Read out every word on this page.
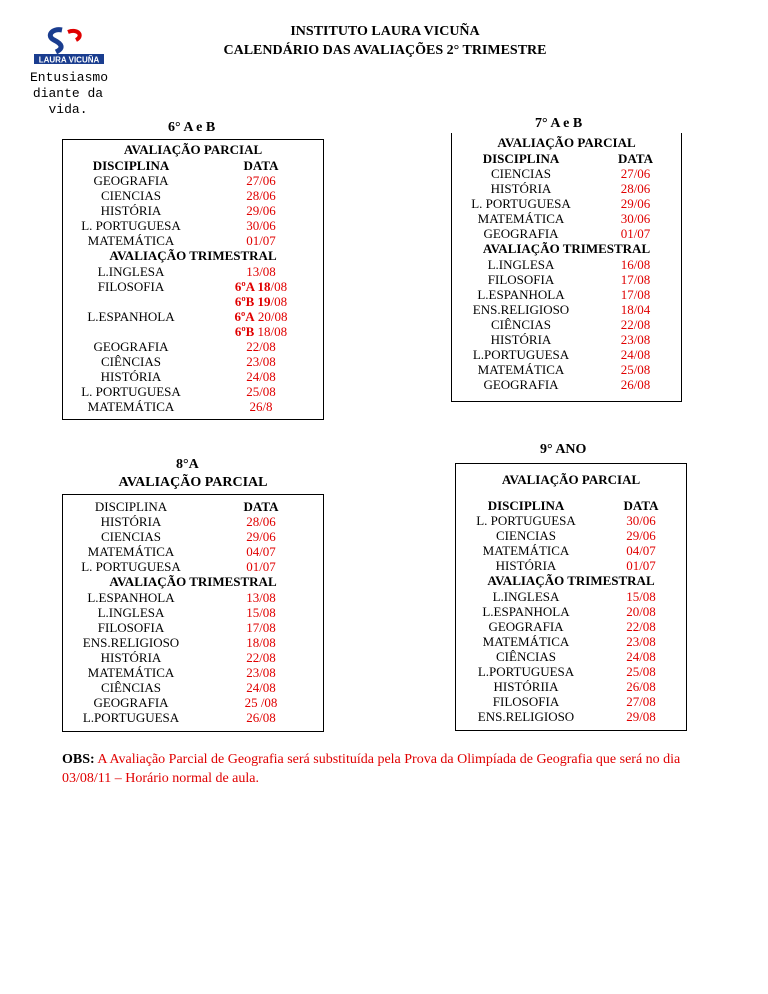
INSTITUTO LAURA VICUÑA
CALENDÁRIO DAS AVALIAÇÕES 2° TRIMESTRE
LAURA VICUÑA
Entusiasmo diante da vida.
6° A e B
AVALIAÇÃO PARCIAL
DISCIPLINA	DATA
GEOGRAFIA	27/06
CIENCIAS	28/06
HISTÓRIA	29/06
L. PORTUGUESA	30/06
MATEMÁTICA	01/07
AVALIAÇÃO TRIMESTRAL	
L.INGLESA	13/08
FILOSOFIA	6ºA 18/08
	6ºB 19/08
L.ESPANHOLA	6ºA 20/08
	6ºB 18/08
GEOGRAFIA	22/08
CIÊNCIAS	23/08
HISTÓRIA	24/08
L. PORTUGUESA	25/08
MATEMÁTICA	26/8
7° A e B
AVALIAÇÃO PARCIAL
DISCIPLINA	DATA
CIENCIAS	27/06
HISTÓRIA	28/06
L. PORTUGUESA	29/06
MATEMÁTICA	30/06
GEOGRAFIA	01/07
AVALIAÇÃO TRIMESTRAL	
L.INGLESA	16/08
FILOSOFIA	17/08
L.ESPANHOLA	17/08
ENS.RELIGIOSO	18/04
CIÊNCIAS	22/08
HISTÓRIA	23/08
L.PORTUGUESA	24/08
MATEMÁTICA	25/08
GEOGRAFIA	26/08
8°A
AVALIAÇÃO PARCIAL
DISCIPLINA	DATA
HISTÓRIA	28/06
CIENCIAS	29/06
MATEMÁTICA	04/07
L. PORTUGUESA	01/07
AVALIAÇÃO TRIMESTRAL	
L.ESPANHOLA	13/08
L.INGLESA	15/08
FILOSOFIA	17/08
ENS.RELIGIOSO	18/08
HISTÓRIA	22/08
MATEMÁTICA	23/08
CIÊNCIAS	24/08
GEOGRAFIA	25 /08
L.PORTUGUESA	26/08
9° ANO
AVALIAÇÃO PARCIAL
DISCIPLINA	DATA
L. PORTUGUESA	30/06
CIENCIAS	29/06
MATEMÁTICA	04/07
HISTÓRIA	01/07
AVALIAÇÃO TRIMESTRAL	
L.INGLESA	15/08
L.ESPANHOLA	20/08
GEOGRAFIA	22/08
MATEMÁTICA	23/08
CIÊNCIAS	24/08
L.PORTUGUESA	25/08
HISTÓRIIA	26/08
FILOSOFIA	27/08
ENS.RELIGIOSO	29/08
OBS: A Avaliação Parcial de Geografia será substituída pela Prova da Olimpíada de Geografia que será no dia 03/08/11 – Horário normal de aula.
